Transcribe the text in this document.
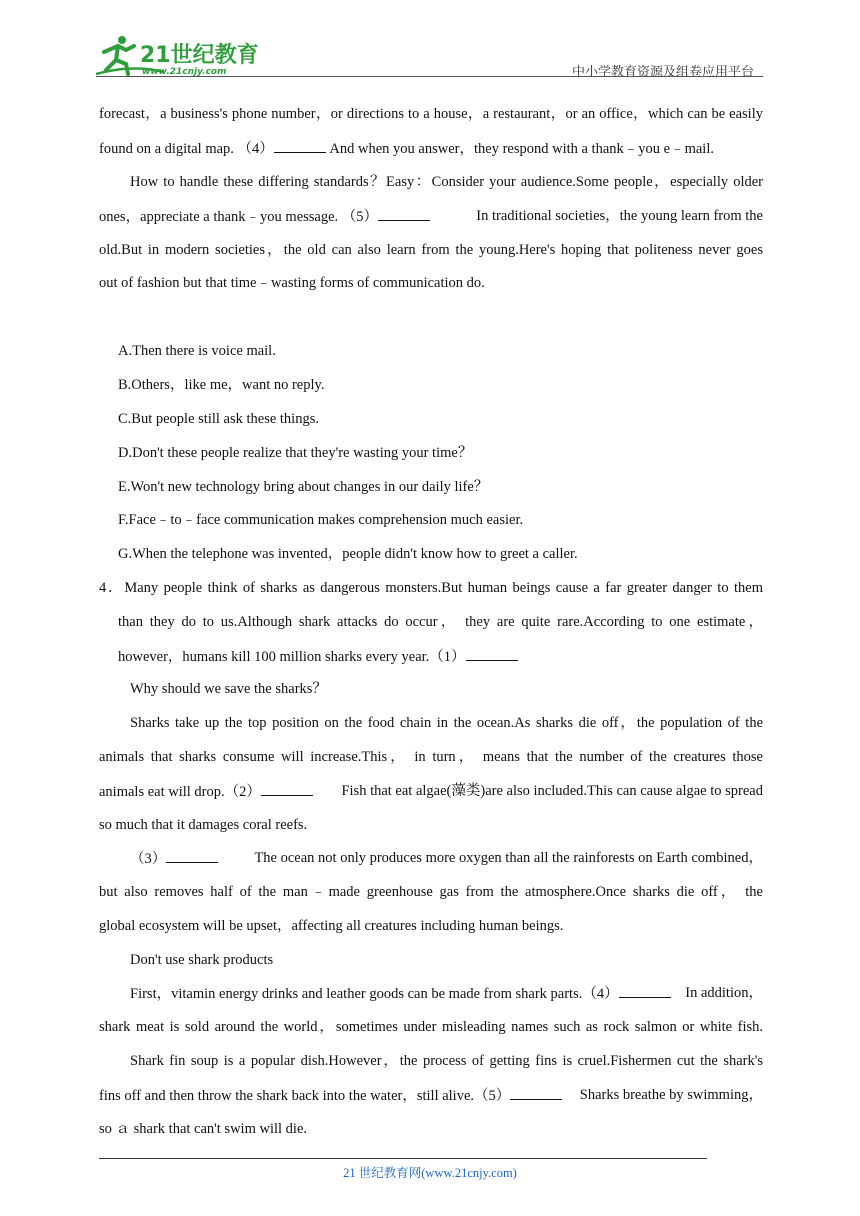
21世纪教育
www.21cnjy.com	中小学教育资源及组卷应用平台
forecast，a business's phone number，or directions to a house，a restaurant，or an office，which can be easily
found on a digital map. （4）	And when you answer，they respond with a thank﹣you e﹣mail.
How to handle these differing standards？Easy：Consider your audience.Some people，especially older
ones，appreciate a thank﹣you message. （5）	In traditional societies，the young learn from the
old.But in modern societies，the old can also learn from the young.Here's hoping that politeness never goes
out of fashion but that time﹣wasting forms of communication do.
A.Then there is voice mail.
B.Others，like me，want no reply.
C.But people still ask these things.
D.Don't these people realize that they're wasting your time？
E.Won't new technology bring about changes in our daily life？
F.Face﹣to﹣face communication makes comprehension much easier.
G.When the telephone was invented，people didn't know how to greet a caller.
4．Many people think of sharks as dangerous monsters.But human beings cause a far greater danger to them
than they do to us.Although shark attacks do occur， they are quite rare.According to one estimate，
however，humans kill 100 million sharks every year.（1）
Why should we save the sharks？
Sharks take up the top position on the food chain in the ocean.As sharks die off，the population of the
animals that sharks consume will increase.This， in turn， means that the number of the creatures those
animals eat will drop.（2）	Fish that eat algae(藻类)are also included.This can cause algae to spread
so much that it damages coral reefs.
（3）	The ocean not only produces more oxygen than all the rainforests on Earth combined，
but also removes half of the man﹣made greenhouse gas from the atmosphere.Once sharks die off， the
global ecosystem will be upset，affecting all creatures including human beings.
Don't use shark products
First，vitamin energy drinks and leather goods can be made from shark parts.（4）	In addition，
shark meat is sold around the world，sometimes under misleading names such as rock salmon or white fish.
Shark fin soup is a popular dish.However，the process of getting fins is cruel.Fishermen cut the shark's
fins off and then throw the shark back into the water，still alive.（5）	Sharks breathe by swimming，
so ａ shark that can't swim will die.
21 世纪教育网(www.21cnjy.com)
